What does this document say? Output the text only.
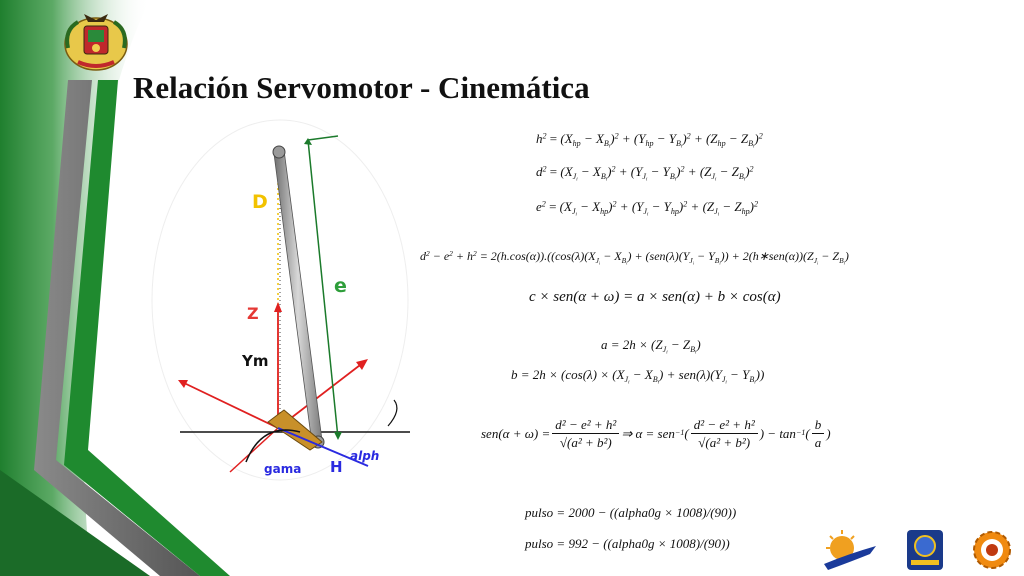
Relación Servomotor - Cinemática
D
e
Z
Ym
gama H
alph
$h^2 = (X_{hp} - X_{B_i})^2 + (Y_{hp} - Y_{B_i})^2 + (Z_{hp} - Z_{B_i})^2$
$d^2 = (X_{J_i} - X_{B_i})^2 + (Y_{J_i} - Y_{B_i})^2 + (Z_{J_i} - Z_{B_i})^2$
$e^2 = (X_{J_i} - X_{hp})^2 + (Y_{J_i} - Y_{hp})^2 + (Z_{J_i} - Z_{hp})^2$
$d^2 - e^2 + h^2 = 2(h.\cos(\alpha)).((\cos(\lambda)(X_{J_i} - X_{B_i}) + (sen(\lambda)(Y_{J_i} - Y_{B_i}))$ + $2(h∗sen(\alpha))(Z_{J_i} - Z_{B_i})$
c × sen(α + ω) = a × sen(α) + b × cos(α)
$a = 2h \times (Z_{J_i} - Z_{B_i})$
$b = 2h \times (\cos(\lambda) \times (X_{J_i} - X_{B_i}) + sen(\lambda)(Y_{J_i} - Y_{B_i}))$
$sen(\alpha + \omega) = \frac{\text{d² − e² + h²}}{\text{√(a² + b²)}}$ ⇒ α = sen −1 ( $\frac{\text{d² − e² + h²}}{\text{√(a² + b²)}}$ ) − tan −1 ( $\frac{b}{a}$ )
pulso = 2000 − ((alpha0g × 1008)/(90))
pulso = 992 − ((alpha0g × 1008)/(90))
